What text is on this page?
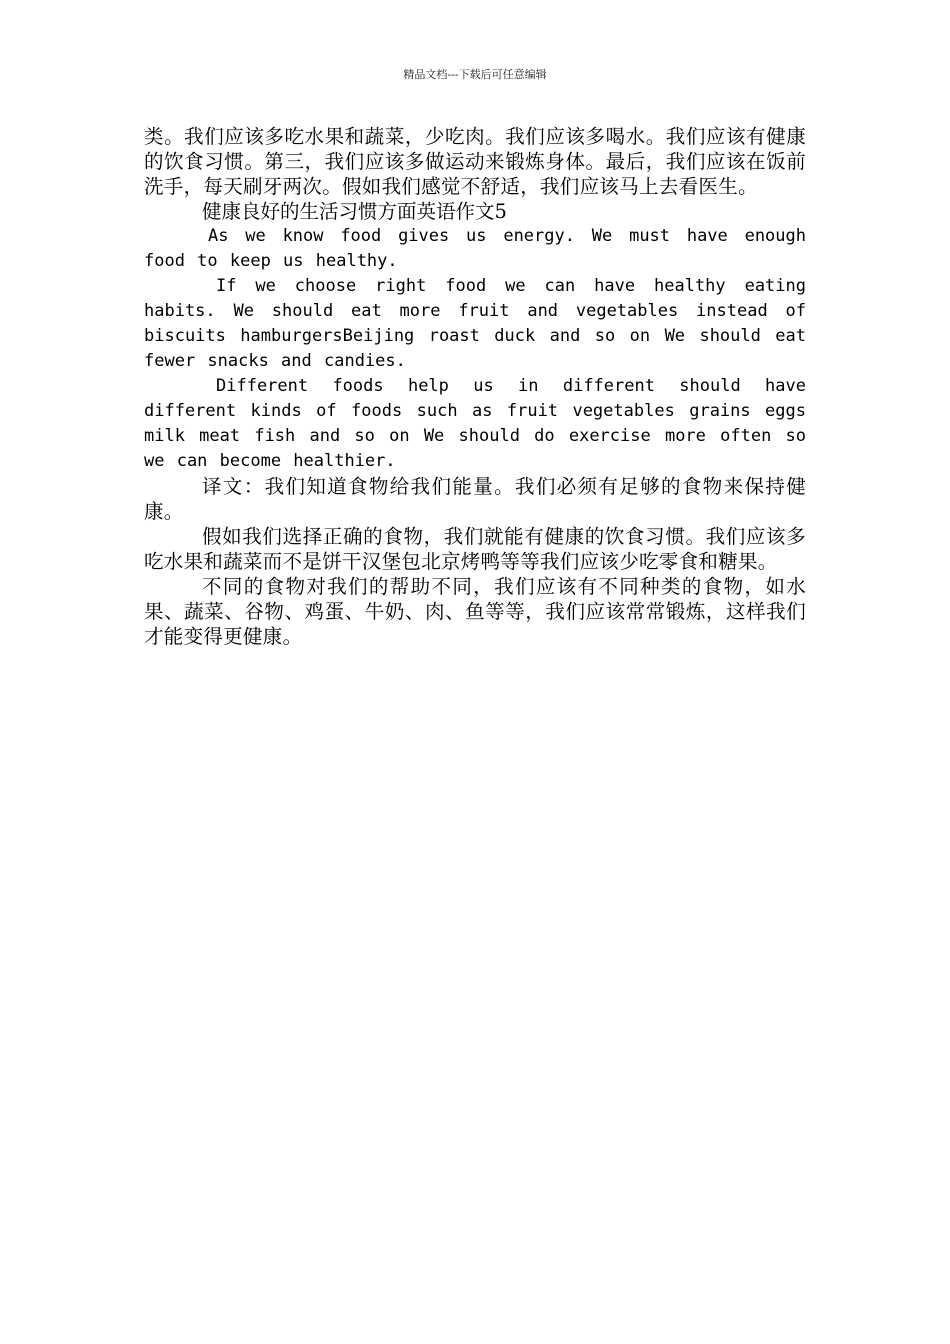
精品文档---下载后可任意编辑

类。我们应该多吃水果和蔬菜，少吃肉。我们应该多喝水。我们应该有健康的饮食习惯。第三，我们应该多做运动来锻炼身体。最后，我们应该在饭前洗手，每天刷牙两次。假如我们感觉不舒适，我们应该马上去看医生。

健康良好的生活习惯方面英语作文5

As we know food gives us energy. We must have enough food to keep us healthy.

If we choose right food we can have healthy eating habits. We should eat more fruit and vegetables instead of biscuits hamburgersBeijing roast duck and so on We should eat fewer snacks and candies.

Different foods help us in different should have different kinds of foods such as fruit vegetables grains eggs milk meat fish and so on We should do exercise more often so we can become healthier.

译文：我们知道食物给我们能量。我们必须有足够的食物来保持健康。

假如我们选择正确的食物，我们就能有健康的饮食习惯。我们应该多吃水果和蔬菜而不是饼干汉堡包北京烤鸭等等我们应该少吃零食和糖果。

不同的食物对我们的帮助不同，我们应该有不同种类的食物，如水果、蔬菜、谷物、鸡蛋、牛奶、肉、鱼等等，我们应该常常锻炼，这样我们才能变得更健康。
